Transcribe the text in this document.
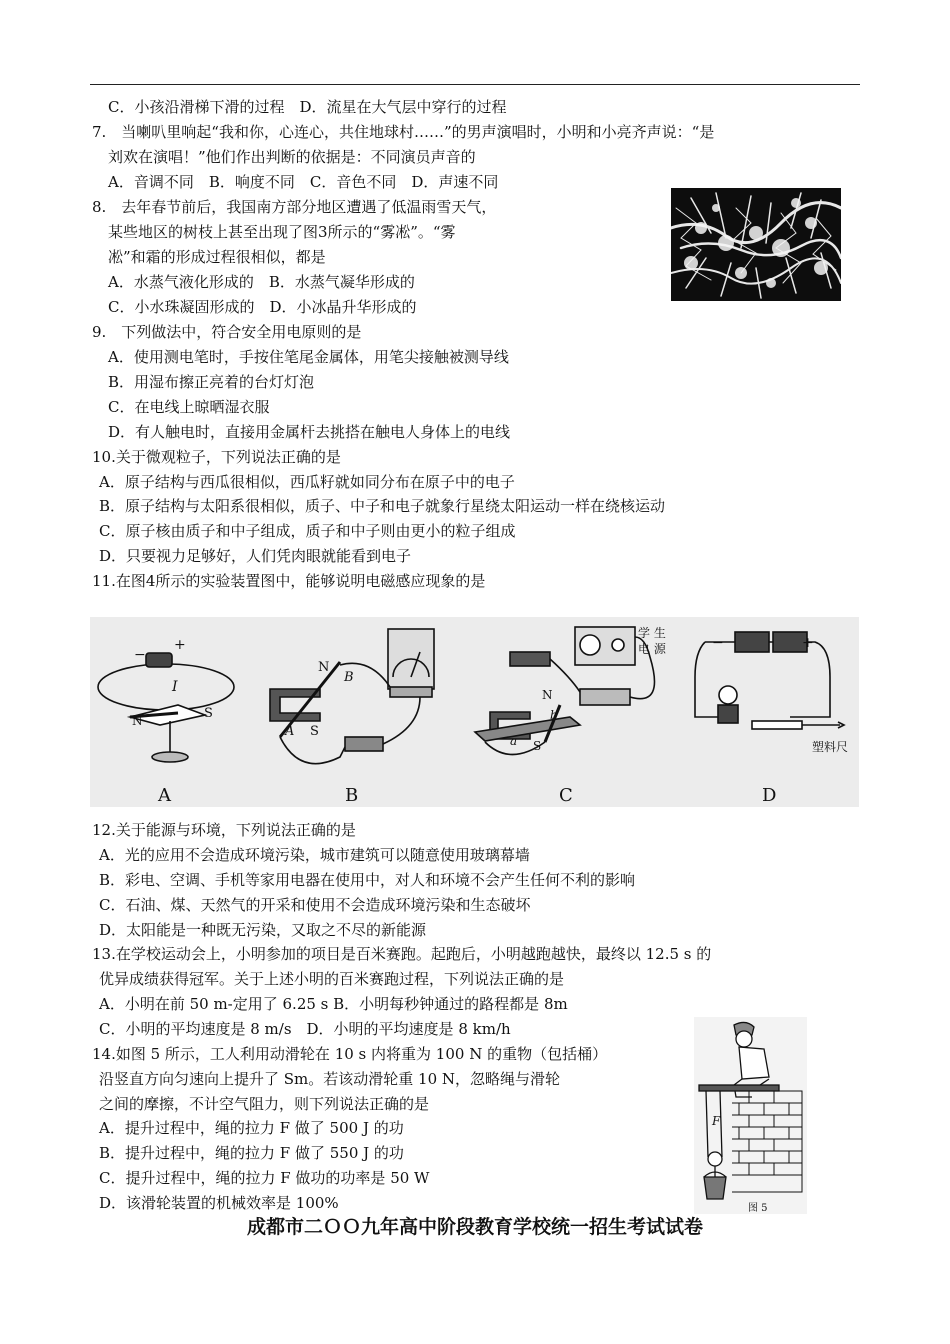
C．小孩沿滑梯下滑的过程　D．流星在大气层中穿行的过程
7.　当喇叭里响起“我和你，心连心，共住地球村……”的男声演唱时，小明和小亮齐声说：“是
刘欢在演唱！”他们作出判断的依据是：不同演员声音的
A．音调不同　B．响度不同　C．音色不同　D．声速不同
8.　去年春节前后，我国南方部分地区遭遇了低温雨雪天气，
某些地区的树枝上甚至出现了图3所示的“雾凇”。“雾
凇”和霜的形成过程很相似，都是
A．水蒸气液化形成的　B．水蒸气凝华形成的
C．小水珠凝固形成的　D．小冰晶升华形成的
9.　下列做法中，符合安全用电原则的是
A．使用测电笔时，手按住笔尾金属体，用笔尖接触被测导线
B．用湿布擦正亮着的台灯灯泡
C．在电线上晾晒湿衣服
D．有人触电时，直接用金属杆去挑搭在触电人身体上的电线
10.关于微观粒子，下列说法正确的是
A．原子结构与西瓜很相似，西瓜籽就如同分布在原子中的电子
B．原子结构与太阳系很相似，质子、中子和电子就象行星绕太阳运动一样在绕核运动
C．原子核由质子和中子组成，质子和中子则由更小的粒子组成
D．只要视力足够好，人们凭肉眼就能看到电子
11.在图4所示的实验装置图中，能够说明电磁感应现象的是
12.关于能源与环境，下列说法正确的是
A．光的应用不会造成环境污染，城市建筑可以随意使用玻璃幕墙
B．彩电、空调、手机等家用电器在使用中，对人和环境不会产生任何不利的影响
C．石油、煤、天然气的开采和使用不会造成环境污染和生态破坏
D．太阳能是一种既无污染，又取之不尽的新能源
13.在学校运动会上，小明参加的项目是百米赛跑。起跑后，小明越跑越快，最终以 12.5 s 的
优异成绩获得冠军。关于上述小明的百米赛跑过程，下列说法正确的是
A．小明在前 50 m-定用了 6.25 s B．小明每秒钟通过的路程都是 8m
C．小明的平均速度是 8 m/s　D．小明的平均速度是 8 km/h
14.如图 5 所示，工人利用动滑轮在 10 s 内将重为 100 N 的重物（包括桶）
沿竖直方向匀速向上提升了 Sm。若该动滑轮重 10 N，忽略绳与滑轮
之间的摩擦，不计空气阻力，则下列说法正确的是
A．提升过程中，绳的拉力 F 做了 500 J 的功
B．提升过程中，绳的拉力 F 做了 550 J 的功
C．提升过程中，绳的拉力 F 做功的功率是 50 W
D．该滑轮装置的机械效率是 100%
−
+
I
N	S
N
S
A
B
N
S
a
b
学 生
电 源	−	+
塑料尺
A	B	C	D
F
图 5
成都市二ＯＯ九年高中阶段教育学校统一招生考试试卷
